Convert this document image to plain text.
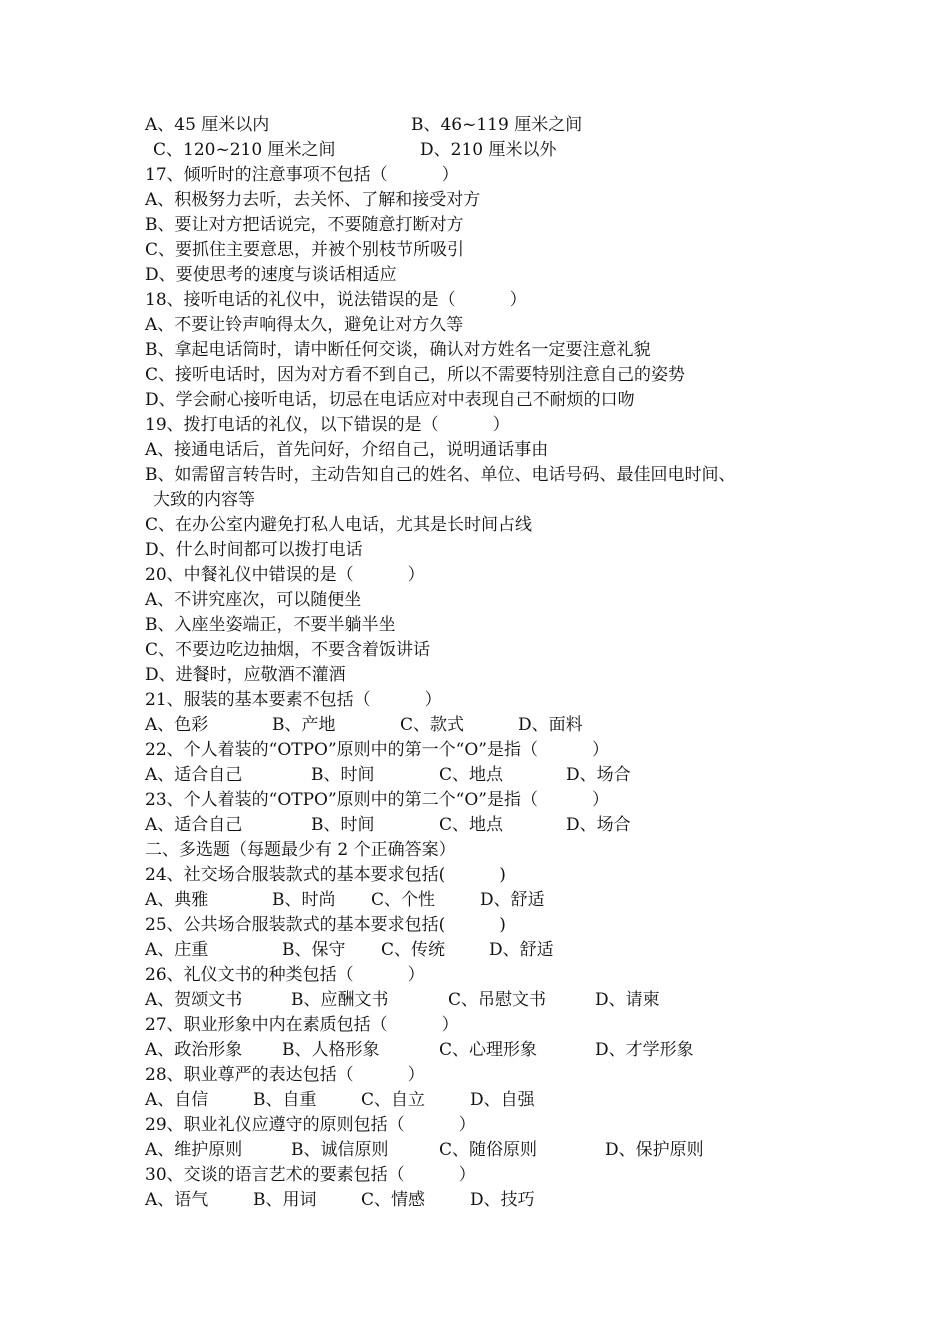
A、45 厘米以内

	B、46~119 厘米之间

C、120~210 厘米之间

	D、210 厘米以外

17、倾听时的注意事项不包括（          ）
A、积极努力去听，去关怀、了解和接受对方
B、要让对方把话说完，不要随意打断对方
C、要抓住主要意思，并被个别枝节所吸引
D、要使思考的速度与谈话相适应
18、接听电话的礼仪中，说法错误的是（          ）
A、不要让铃声响得太久，避免让对方久等
B、拿起电话筒时，请中断任何交谈，确认对方姓名一定要注意礼貌
C、接听电话时，因为对方看不到自己，所以不需要特别注意自己的姿势
D、学会耐心接听电话，切忌在电话应对中表现自己不耐烦的口吻
19、拨打电话的礼仪，以下错误的是（          ）
A、接通电话后，首先问好，介绍自己，说明通话事由
B、如需留言转告时，主动告知自己的姓名、单位、电话号码、最佳回电时间、
大致的内容等
C、在办公室内避免打私人电话，尤其是长时间占线
D、什么时间都可以拨打电话
20、中餐礼仪中错误的是（          ）
A、不讲究座次，可以随便坐
B、入座坐姿端正，不要半躺半坐
C、不要边吃边抽烟，不要含着饭讲话
D、进餐时，应敬酒不灌酒
21、服装的基本要素不包括（          ）

A、色彩

	B、产地

	C、款式

	D、面料

22、个人着装的“OTPO”原则中的第一个“O”是指（          ）

A、适合自己

	B、时间

	C、地点

	D、场合

23、个人着装的“OTPO”原则中的第二个“O”是指（          ）

A、适合自己

	B、时间

	C、地点

	D、场合

二、多选题（每题最少有 2 个正确答案）
24、社交场合服装款式的基本要求包括(          )

A、典雅

	B、时尚

C、个性

	D、舒适

25、公共场合服装款式的基本要求包括(          )

A、庄重

	B、保守

C、传统

	D、舒适

26、礼仪文书的种类包括（          ）

A、贺颂文书

	B、应酬文书

	C、吊慰文书

	D、请柬

27、职业形象中内在素质包括（          ）

A、政治形象

B、人格形象

	C、心理形象

	D、才学形象

28、职业尊严的表达包括（          ）

A、自信

	B、自重

	C、自立

	D、自强

29、职业礼仪应遵守的原则包括（          ）

A、维护原则

	B、诚信原则

	C、随俗原则

	D、保护原则

30、交谈的语言艺术的要素包括（          ）

A、语气

	B、用词

	C、情感

	D、技巧
